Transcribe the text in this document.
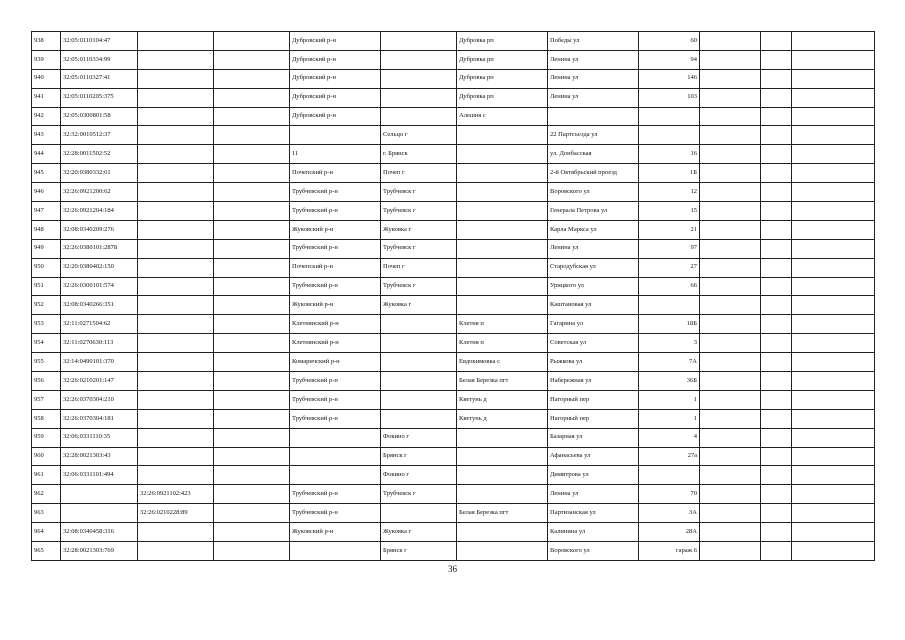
938	32:05:0110104:47			Дубровский р-н		Дубровка рп	Победы ул	60			
939	32:05:0110334:99			Дубровский р-н		Дубровка рп	Ленина ул	94			
940	32:05:0110327:41			Дубровский р-н		Дубровка рп	Ленина ул	146			
941	32:05:0110205:375			Дубровский р-н		Дубровка рп	Ленина ул	103			
942	32:05:0300801:58			Дубровский р-н		Алешня с					
943	32:32:0010512:37				Сельцо г		22 Партсъезда ул				
944	32:28:0011502:52			11	г. Брянск		ул. Донбасская	16			
945	32:20:0380332:61			Почепский р-н	Почеп г		2-й Октябрьский проезд	1Б			
946	32:26:0921200:62			Трубчевский р-н	Трубчевск г		Воровского ул	12			
947	32:26:0921204:184			Трубчевский р-н	Трубчевск г		Генерала Петрова ул	15			
948	32:08:0340209:276			Жуковский р-н	Жуковка г		Карла Маркса ул	21			
949	32:26:0380101:2878			Трубчевский р-н	Трубчевск г		Ленина ул	97			
950	32:20:0380402:150			Почепский р-н	Почеп г		Стародубская ул	27			
951	32:26:0300101:574			Трубчевский р-н	Трубчевск г		Урицкого ул	66			
952	32:08:0340266:351			Жуковский р-н	Жуковка г		Каштановая ул				
953	32:11:0271504:62			Клетнянский р-н		Клетня п	Гагарина ул	18Б			
954	32:11:0270630:113			Клетнянский р-н		Клетня п	Советская ул	3			
955	32:14:0490101:370			Комаричский р-н		Евдокимовка с	Рыжкова ул	7А			
956	32:26:0210201:147			Трубчевский р-н		Белая Березка пгт	Набережная ул	36Б			
957	32:26:0370304:210			Трубчевский р-н		Кветунь д	Нагорный пер	1			
958	32:26:0370304:181			Трубчевский р-н		Кветунь д	Нагорный пер	1			
959	32:06:0331110:35				Фокино г		Базарная ул	4			
960	32:28:0021303:43				Брянск г		Афанасьева ул	27а			
961	32:06:0331101:494				Фокино г		Димитрова ул				
962		32:26:0921102:423		Трубчевский р-н	Трубчевск г		Ленина ул	70			
963		32:26:0210228:89		Трубчевский р-н		Белая Березка пгт	Партизанская ул	3А			
964	32:08:0340458:316			Жуковский р-н	Жуковка г		Калинина ул	28А			
965	32:28:0021303:769				Брянск г		Воровского ул	гараж 6			
36
